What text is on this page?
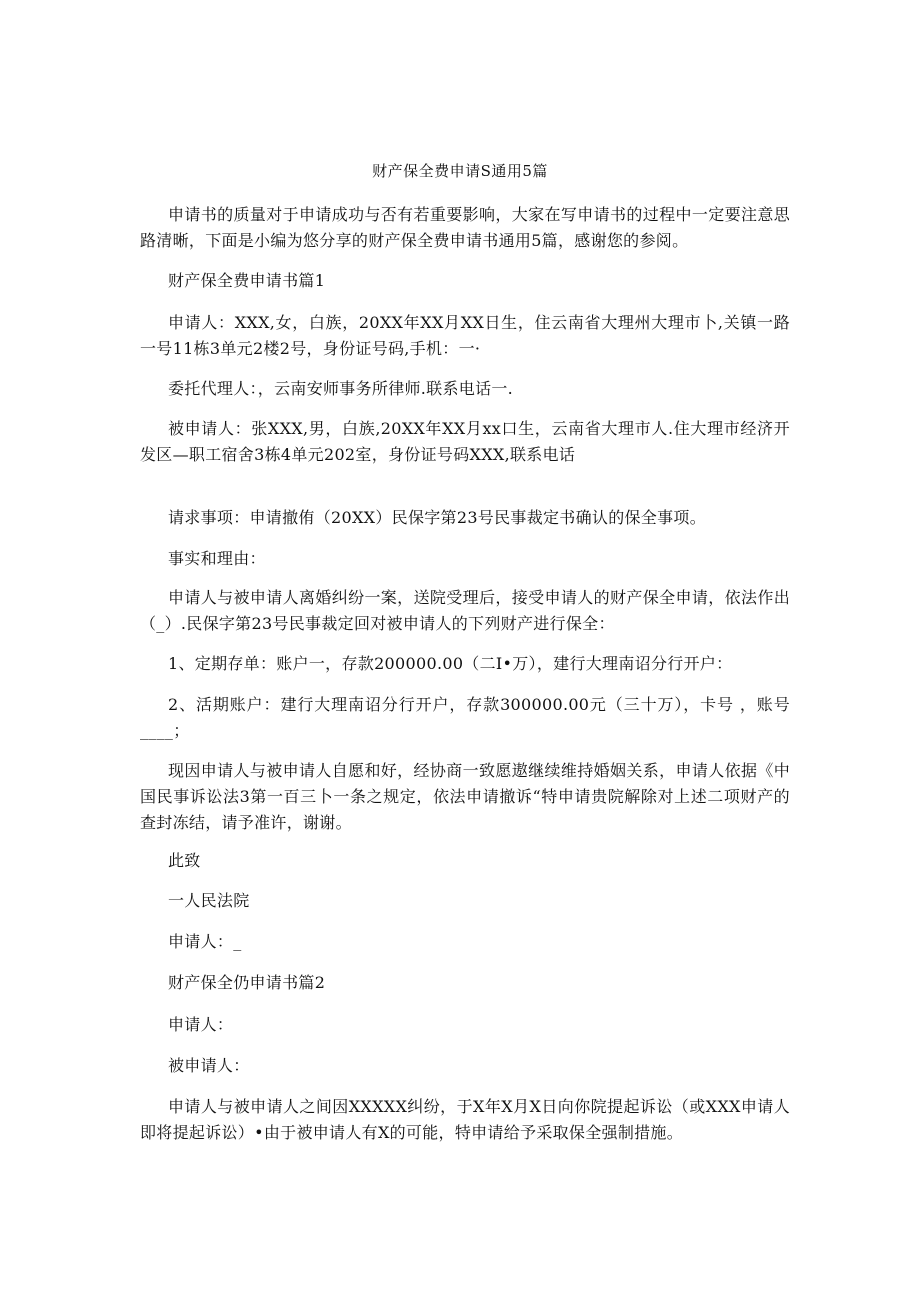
财产保全费申请S通用5篇

申请书的质量对于申请成功与否有若重要影响，大家在写申请书的过程中一定要注意思路清晰，下面是小编为悠分享的财产保全费申请书通用5篇，感谢您的参阅。

财产保全费申请书篇1

申请人：XXX,女，白族，20XX年XX月XX日生，住云南省大理州大理市卜,关镇一路一号11栋3单元2楼2号，身份证号码,手机：一·

委托代理人：，云南安师事务所律师.联系电话一.

被申请人：张XXX,男，白族,20XX年XX月xx口生，云南省大理市人.住大理市经济开发区—职工宿舍3栋4单元202室，身份证号码XXX,联系电话

请求事项：申请撤侑（20XX）民保字第23号民事裁定书确认的保全事项。

事实和理由：

申请人与被申请人离婚纠纷一案，送院受理后，接受申请人的财产保全申请，依法作出（_）.民保字第23号民事裁定回对被申请人的下列财产进行保全：

1、定期存单：账户一，存款200000.00（二I•万），建行大理南诏分行开户：

2、活期账户：建行大理南诏分行开户，存款300000.00元（三十万），卡号 ，账号____；

现因申请人与被申请人自愿和好，经协商一致愿遨继续维持婚姻关系，申请人依据《中国民事诉讼法3第一百三卜一条之规定，依法申请撤诉“特申请贵院解除对上述二项财产的查封冻结，请予准许，谢谢。

此致

一人民法院

申请人：_

财产保全仍申请书篇2

申请人：

被申请人：

申请人与被申请人之间因XXXXX纠纷，于X年X月X日向你院提起诉讼（或XXX申请人即将提起诉讼）•由于被申请人有X的可能，特申请给予采取保全强制措施。
